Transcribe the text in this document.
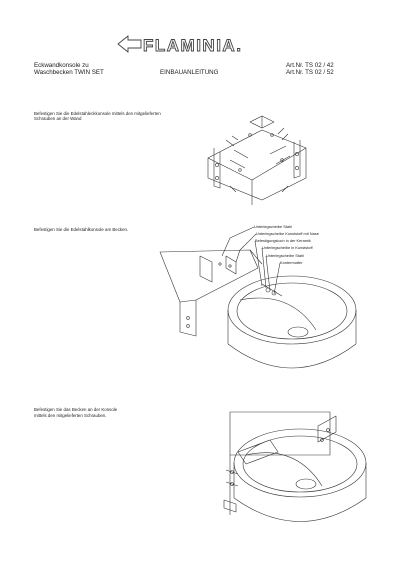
FLAMINIA.
Eckwandkonsole zu
Waschbecken TWIN SET	EINBAUANLEITUNG
Art.Nr. TS 02 / 42
Art.Nr. TS 02 / 52
Befestigen Sie die Edelstahleckkonsole mittels den mitgelieferten
Schrauben an der Wand
Befestigen Sie die Edelstahlkonsole am Becken.
Befestigen Sie das Becken an der Konsole
mittels den mitgelieferten Schrauben.
Unterlegscheibe Stahl
Unterlegscheibe Kunststoff mit Nase
Befestigungsloch in der Keramik
Unterlegscheibe in Kunststoff
Unterlegscheibe Stahl
Kontermutter
